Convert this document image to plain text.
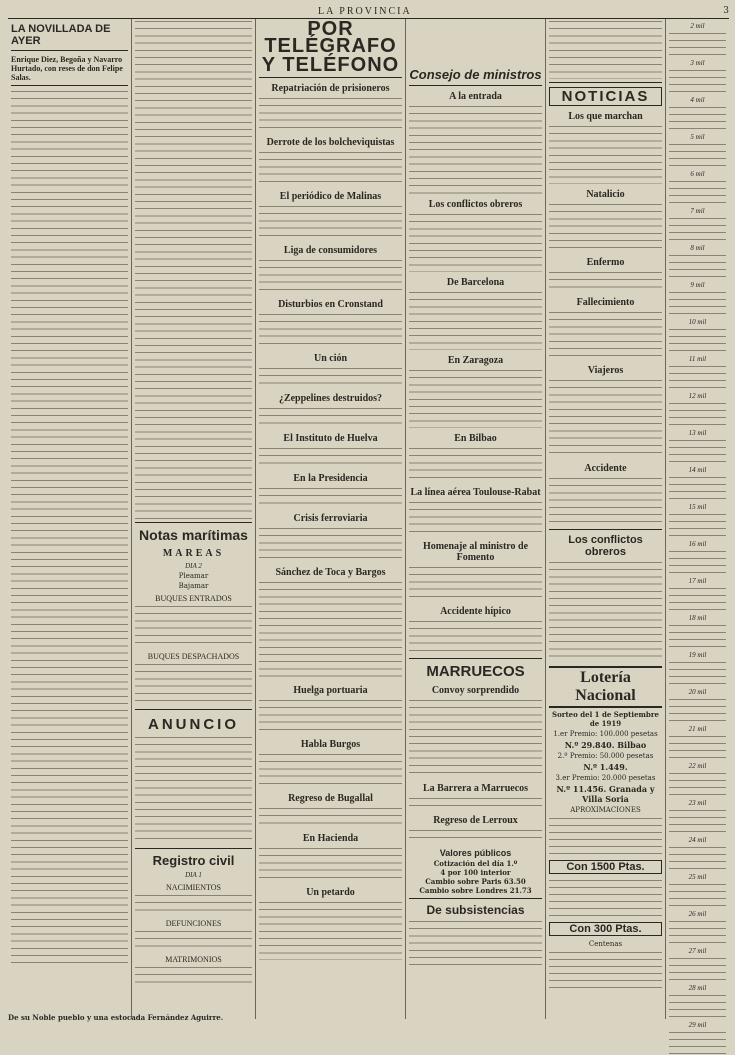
LA PROVINCIA	3
LA NOVILLADA DE AYER
Enrique Diez, Begoña y Navarro Hurtado, con reses de don Felipe Salas.
Notas marítimas
MAREAS
DIA 2
Pleamar
Bajamar
BUQUES ENTRADOS
BUQUES DESPACHADOS
ANUNCIO
Registro civil
DIA 1
NACIMIENTOS
DEFUNCIONES
MATRIMONIOS
POR TELÉGRAFO
Y TELÉFONO
Repatriación de prisioneros
Derrote de los bolcheviquistas
El periódico de Malinas
Liga de consumidores
Disturbios en Cronstand
Un ción
¿Zeppelines destruidos?
El Instituto de Huelva
En la Presidencia
Crisis ferroviaria
Sánchez de Toca y Bargos
Huelga portuaria
Habla Burgos
Regreso de Bugallal
En Hacienda
Un petardo
Consejo de ministros
A la entrada
Los conflictos obreros
De Barcelona
En Zaragoza
En Bilbao
La línea aérea Toulouse-Rabat
Homenaje al ministro de Fomento
Accidente hípico
MARRUECOS
Convoy sorprendido
La Barrera a Marruecos
Regreso de Lerroux
Valores públicos
Cotización del día 1.º
4 por 100 interior
Cambio sobre Paris 63.50
Cambio sobre Londres 21.73
De subsistencias
NOTICIAS
Los que marchan
Natalicio
Enfermo
Fallecimiento
Viajeros
Accidente
Los conflictos obreros
Lotería Nacional
Sorteo del 1 de Septiembre de 1919
1.er Premio: 100.000 pesetas
N.º 29.840. Bilbao
2.º Premio: 50.000 pesetas
N.º 1.449.
3.er Premio: 20.000 pesetas
N.º 11.456. Granada y Villa Soria
APROXIMACIONES
Con 1500 Ptas.
Con 300 Ptas.
Centenas
2 mil
3 mil
4 mil
5 mil
6 mil
7 mil
8 mil
9 mil
10 mil
11 mil
12 mil
13 mil
14 mil
15 mil
16 mil
17 mil
18 mil
19 mil
20 mil
21 mil
22 mil
23 mil
24 mil
25 mil
26 mil
27 mil
28 mil
29 mil
De su Noble pueblo y una estocada Fernández Aguirre.
